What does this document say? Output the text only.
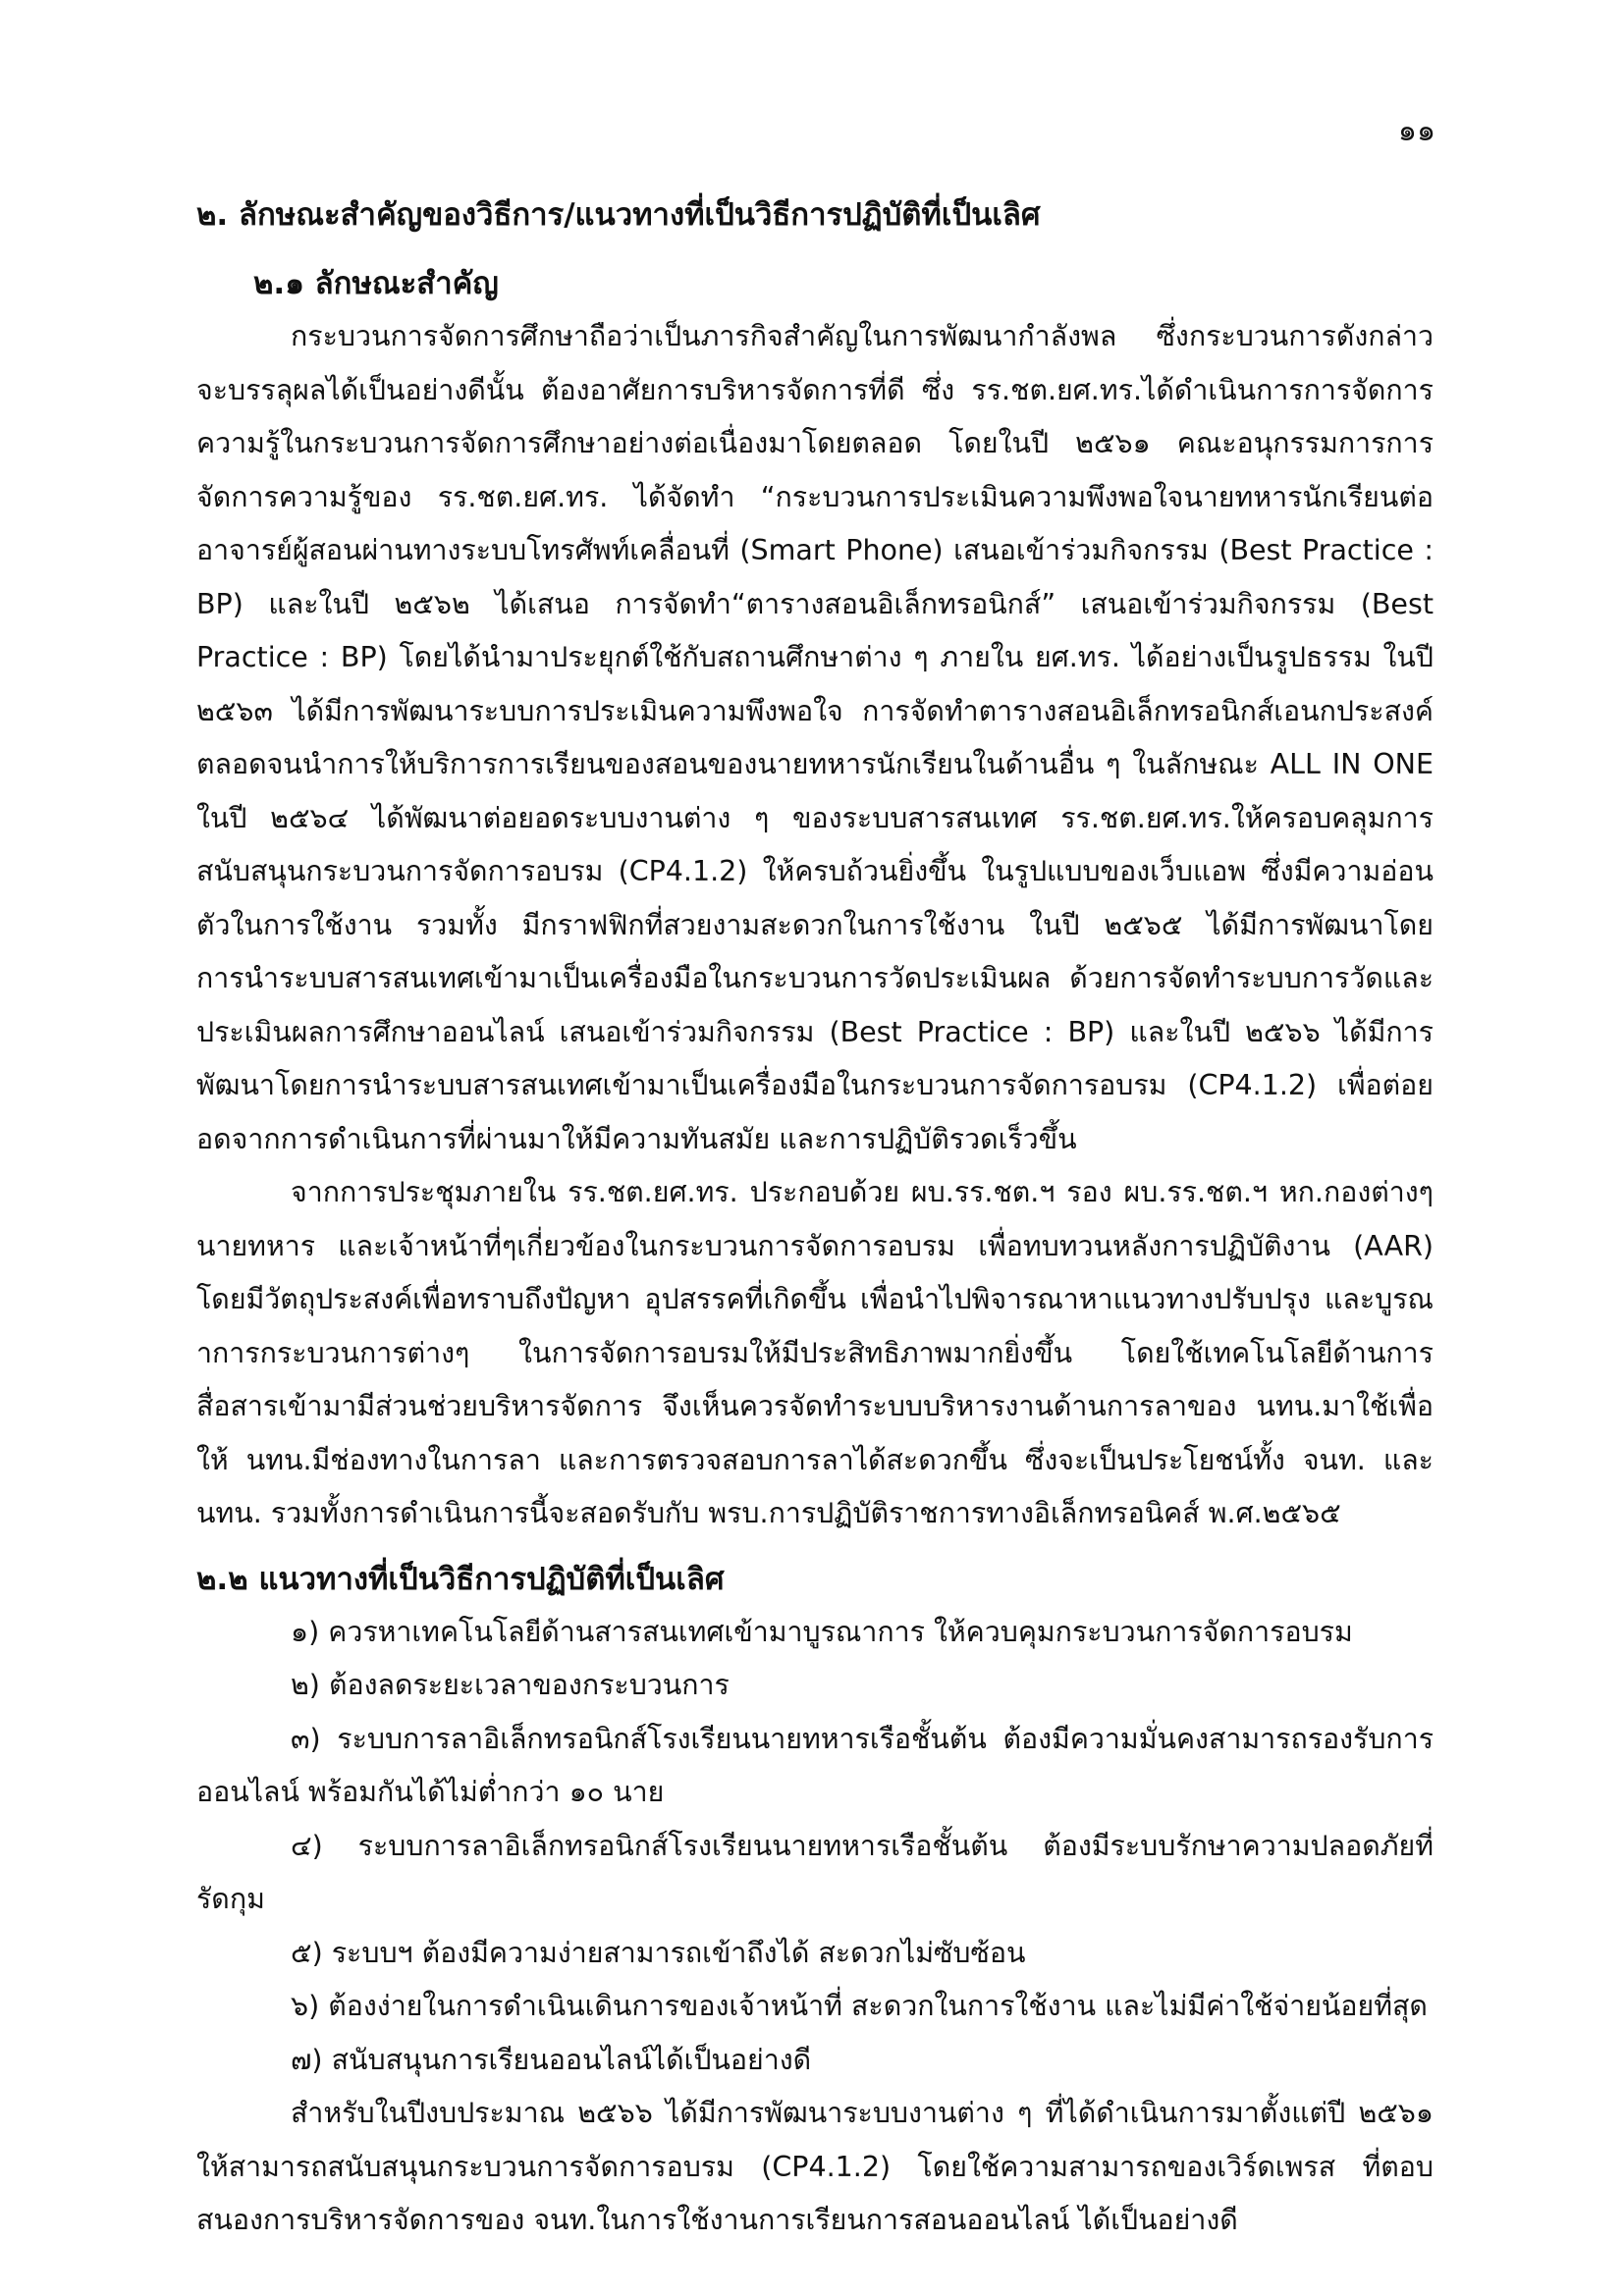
๑๑
๒. ลักษณะสำคัญของวิธีการ/แนวทางที่เป็นวิธีการปฏิบัติที่เป็นเลิศ
๒.๑ ลักษณะสำคัญ

กระบวนการจัดการศึกษาถือว่าเป็นภารกิจสำคัญในการพัฒนากำลังพล ซึ่งกระบวนการดังกล่าวจะบรรลุผลได้เป็นอย่างดีนั้น ต้องอาศัยการบริหารจัดการที่ดี ซึ่ง รร.ชต.ยศ.ทร.ได้ดำเนินการการจัดการความรู้ในกระบวนการจัดการศึกษาอย่างต่อเนื่องมาโดยตลอด โดยในปี ๒๕๖๑ คณะอนุกรรมการการจัดการความรู้ของ รร.ชต.ยศ.ทร. ได้จัดทำ “กระบวนการประเมินความพึงพอใจนายทหารนักเรียนต่ออาจารย์ผู้สอนผ่านทางระบบโทรศัพท์เคลื่อนที่ (Smart Phone) เสนอเข้าร่วมกิจกรรม (Best Practice : BP) และในปี ๒๕๖๒ ได้เสนอ การจัดทำ“ตารางสอนอิเล็กทรอนิกส์” เสนอเข้าร่วมกิจกรรม (Best Practice : BP) โดยได้นำมาประยุกต์ใช้กับสถานศึกษาต่าง ๆ ภายใน ยศ.ทร. ได้อย่างเป็นรูปธรรม ในปี ๒๕๖๓ ได้มีการพัฒนาระบบการประเมินความพึงพอใจ การจัดทำตารางสอนอิเล็กทรอนิกส์เอนกประสงค์ ตลอดจนนำการให้บริการการเรียนของสอนของนายทหารนักเรียนในด้านอื่น ๆ ในลักษณะ ALL IN ONE ในปี ๒๕๖๔ ได้พัฒนาต่อยอดระบบงานต่าง ๆ ของระบบสารสนเทศ รร.ชต.ยศ.ทร.ให้ครอบคลุมการสนับสนุนกระบวนการจัดการอบรม (CP4.1.2) ให้ครบถ้วนยิ่งขึ้น ในรูปแบบของเว็บแอพ ซึ่งมีความอ่อนตัวในการใช้งาน รวมทั้ง มีกราฟฟิกที่สวยงามสะดวกในการใช้งาน ในปี ๒๕๖๕ ได้มีการพัฒนาโดยการนำระบบสารสนเทศเข้ามาเป็นเครื่องมือในกระบวนการวัดประเมินผล ด้วยการจัดทำระบบการวัดและประเมินผลการศึกษาออนไลน์ เสนอเข้าร่วมกิจกรรม (Best Practice : BP) และในปี ๒๕๖๖ ได้มีการพัฒนาโดยการนำระบบสารสนเทศเข้ามาเป็นเครื่องมือในกระบวนการจัดการอบรม (CP4.1.2) เพื่อต่อยอดจากการดำเนินการที่ผ่านมาให้มีความทันสมัย และการปฏิบัติรวดเร็วขึ้น

จากการประชุมภายใน รร.ชต.ยศ.ทร. ประกอบด้วย ผบ.รร.ชต.ฯ รอง ผบ.รร.ชต.ฯ หก.กองต่างๆ นายทหาร และเจ้าหน้าที่ๆเกี่ยวข้องในกระบวนการจัดการอบรม เพื่อทบทวนหลังการปฏิบัติงาน (AAR) โดยมีวัตถุประสงค์เพื่อทราบถึงปัญหา อุปสรรคที่เกิดขึ้น เพื่อนำไปพิจารณาหาแนวทางปรับปรุง และบูรณาการกระบวนการต่างๆ ในการจัดการอบรมให้มีประสิทธิภาพมากยิ่งขึ้น โดยใช้เทคโนโลยีด้านการสื่อสารเข้ามามีส่วนช่วยบริหารจัดการ จึงเห็นควรจัดทำระบบบริหารงานด้านการลาของ นทน.มาใช้เพื่อให้ นทน.มีช่องทางในการลา และการตรวจสอบการลาได้สะดวกขึ้น ซึ่งจะเป็นประโยชน์ทั้ง จนท. และ นทน. รวมทั้งการดำเนินการนี้จะสอดรับกับ พรบ.การปฏิบัติราชการทางอิเล็กทรอนิคส์ พ.ศ.๒๕๖๕

๒.๒ แนวทางที่เป็นวิธีการปฏิบัติที่เป็นเลิศ
๑) ควรหาเทคโนโลยีด้านสารสนเทศเข้ามาบูรณาการ ให้ควบคุมกระบวนการจัดการอบรม
๒) ต้องลดระยะเวลาของกระบวนการ
๓) ระบบการลาอิเล็กทรอนิกส์โรงเรียนนายทหารเรือชั้นต้น ต้องมีความมั่นคงสามารถรองรับการออนไลน์ พร้อมกันได้ไม่ต่ำกว่า ๑๐ นาย
๔) ระบบการลาอิเล็กทรอนิกส์โรงเรียนนายทหารเรือชั้นต้น ต้องมีระบบรักษาความปลอดภัยที่รัดกุม
๕) ระบบฯ ต้องมีความง่ายสามารถเข้าถึงได้ สะดวกไม่ซับซ้อน
๖) ต้องง่ายในการดำเนินเดินการของเจ้าหน้าที่ สะดวกในการใช้งาน และไม่มีค่าใช้จ่ายน้อยที่สุด
๗) สนับสนุนการเรียนออนไลน์ได้เป็นอย่างดี

สำหรับในปีงบประมาณ ๒๕๖๖ ได้มีการพัฒนาระบบงานต่าง ๆ ที่ได้ดำเนินการมาตั้งแต่ปี ๒๕๖๑ ให้สามารถสนับสนุนกระบวนการจัดการอบรม (CP4.1.2) โดยใช้ความสามารถของเวิร์ดเพรส ที่ตอบสนองการบริหารจัดการของ จนท.ในการใช้งานการเรียนการสอนออนไลน์ ได้เป็นอย่างดี
